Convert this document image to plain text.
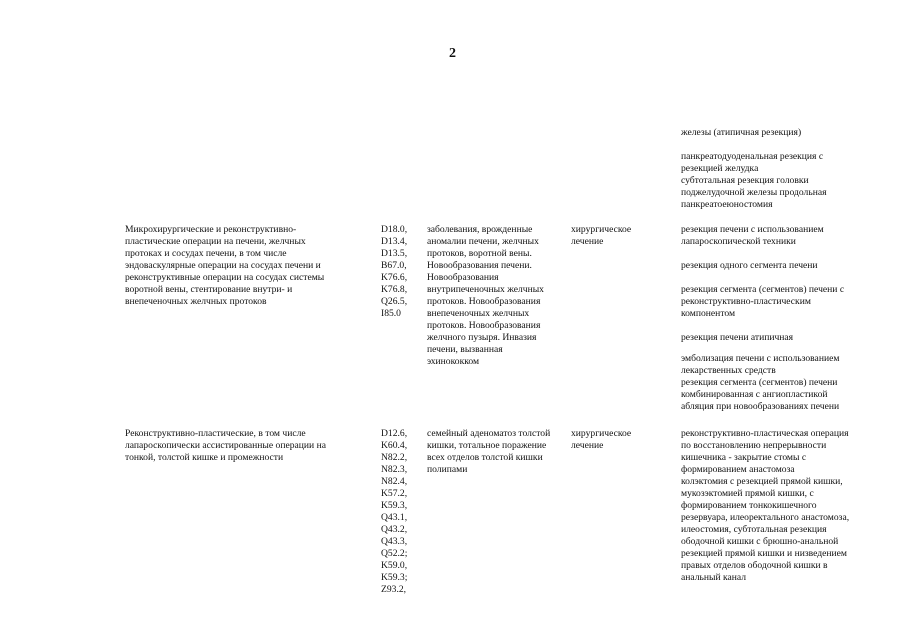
2
железы (атипичная резекция)
панкреатодуоденальная резекция с
резекцией желудка
субтотальная резекция головки
поджелудочной железы продольная
панкреатоеюностомия
Микрохирургические и реконструктивно-
пластические операции на печени, желчных
протоках и сосудах печени, в том числе
эндоваскулярные операции на сосудах печени и
реконструктивные операции на сосудах системы
воротной вены, стентирование внутри- и
внепеченочных желчных протоков
D18.0,
D13.4,
D13.5,
B67.0,
K76.6,
K76.8,
Q26.5,
I85.0
заболевания, врожденные
аномалии печени, желчных
протоков, воротной вены.
Новообразования печени.
Новообразования
внутрипеченочных желчных
протоков. Новообразования
внепеченочных желчных
протоков. Новообразования
желчного пузыря. Инвазия
печени, вызванная
эхинококком
хирургическое
лечение
резекция печени с использованием
лапароскопической техники
резекция одного сегмента печени
резекция сегмента (сегментов) печени с
реконструктивно-пластическим
компонентом
резекция печени атипичная
эмболизация печени с использованием
лекарственных средств
резекция сегмента (сегментов) печени
комбинированная с ангиопластикой
абляция при новообразованиях печени
Реконструктивно-пластические, в том числе
лапароскопически ассистированные операции на
тонкой, толстой кишке и промежности
D12.6,
K60.4,
N82.2,
N82.3,
N82.4,
K57.2,
K59.3,
Q43.1,
Q43.2,
Q43.3,
Q52.2;
K59.0,
K59.3;
Z93.2,
семейный аденоматоз толстой
кишки, тотальное поражение
всех отделов толстой кишки
полипами
хирургическое
лечение
реконструктивно-пластическая операция
по восстановлению непрерывности
кишечника - закрытие стомы с
формированием анастомоза
колэктомия с резекцией прямой кишки,
мукозэктомией прямой кишки, с
формированием тонкокишечного
резервуара, илеоректального анастомоза,
илеостомия, субтотальная резекция
ободочной кишки с брюшно-анальной
резекцией прямой кишки и низведением
правых отделов ободочной кишки в
анальный канал
